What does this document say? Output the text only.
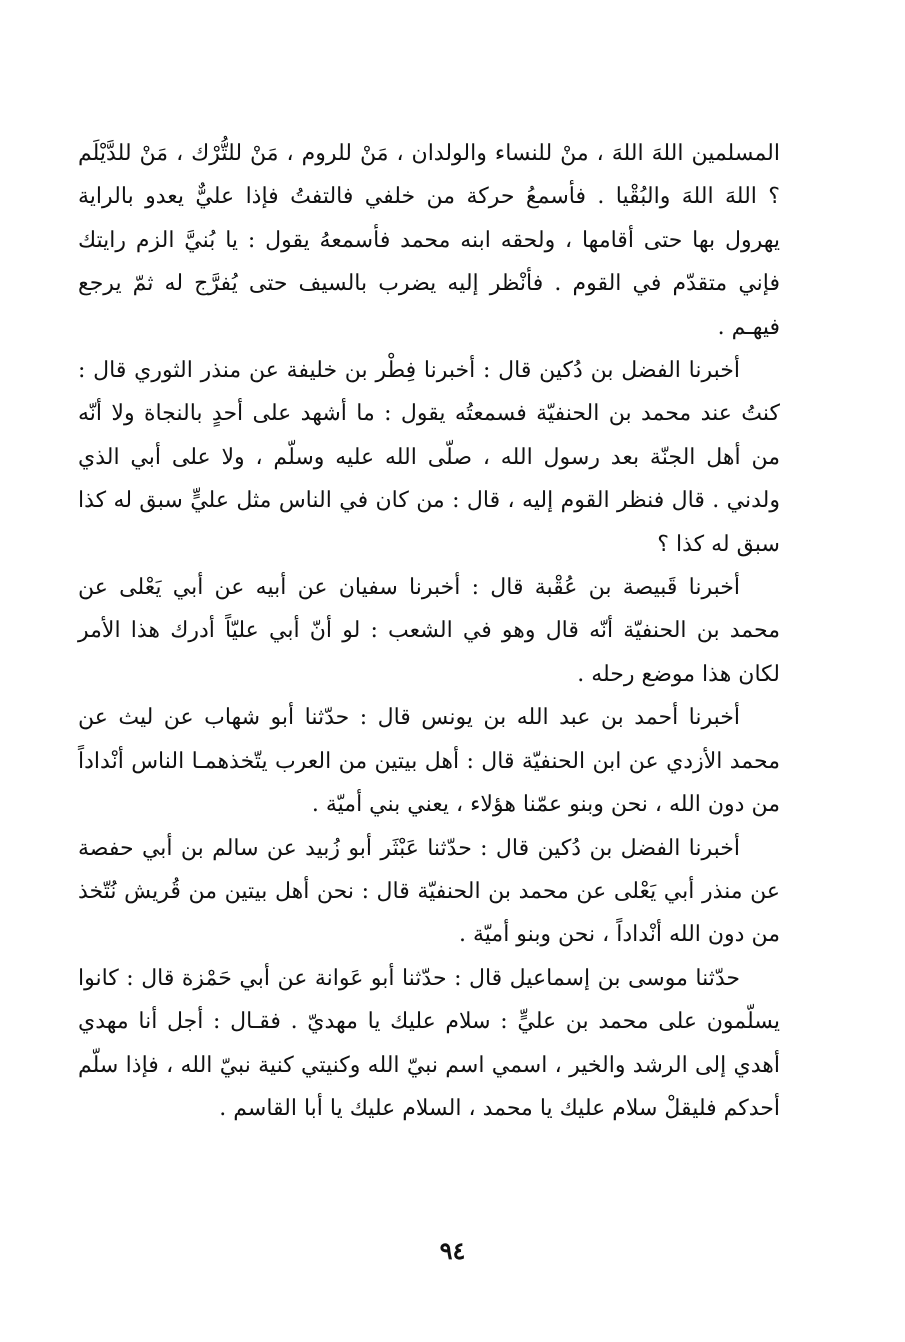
المسلمين اللهَ اللهَ ، منْ للنساء والولدان ، مَنْ للروم ، مَنْ للتُّرْك ، مَنْ للدَّيْلَم ؟ اللهَ اللهَ والبُقْيا . فأسمعُ حركة من خلفي فالتفتُ فإذا عليٌّ يعدو بالراية يهرول بها حتى أقامها ، ولحقه ابنه محمد فأسمعهُ يقول : يا بُنيَّ الزم رايتك فإني متقدّم في القوم . فأنْظر إليه يضرب بالسيف حتى يُفرَّج له ثمّ يرجع فيهـم .

أخبرنا الفضل بن دُكين قال : أخبرنا فِطْر بن خليفة عن منذر الثوري قال : كنتُ عند محمد بن الحنفيّة فسمعتُه يقول : ما أشهد على أحدٍ بالنجاة ولا أنّه من أهل الجنّة بعد رسول الله ، صلّى الله عليه وسلّم ، ولا على أبي الذي ولدني . قال فنظر القوم إليه ، قال : من كان في الناس مثل عليٍّ سبق له كذا سبق له كذا ؟

أخبرنا قَبيصة بن عُقْبة قال : أخبرنا سفيان عن أبيه عن أبي يَعْلى عن محمد بن الحنفيّة أنّه قال وهو في الشعب : لو أنّ أبي عليّاً أدرك هذا الأمر لكان هذا موضع رحله .

أخبرنا أحمد بن عبد الله بن يونس قال : حدّثنا أبو شهاب عن ليث عن محمد الأزدي عن ابن الحنفيّة قال : أهل بيتين من العرب يتّخذهمـا الناس أنْداداً من دون الله ، نحن وبنو عمّنا هؤلاء ، يعني بني أميّة .

أخبرنا الفضل بن دُكين قال : حدّثنا عَبْثَر أبو زُبيد عن سالم بن أبي حفصة عن منذر أبي يَعْلى عن محمد بن الحنفيّة قال : نحن أهل بيتين من قُريش نُتّخذ من دون الله أنْداداً ، نحن وبنو أميّة .

حدّثنا موسى بن إسماعيل قال : حدّثنا أبو عَوانة عن أبي حَمْزة قال : كانوا يسلّمون على محمد بن عليٍّ : سلام عليك يا مهديّ . فقـال : أجل أنا مهدي أهدي إلى الرشد والخير ، اسمي اسم نبيّ الله وكنيتي كنية نبيّ الله ، فإذا سلّم أحدكم فليقلْ سلام عليك يا محمد ، السلام عليك يا أبا القاسم .

٩٤
